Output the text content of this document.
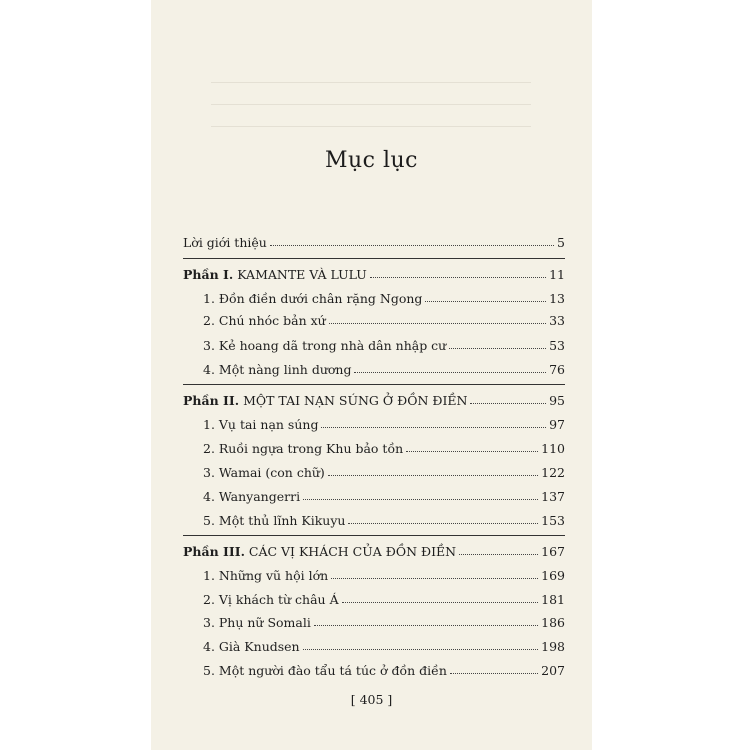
Mục lục
Lời giới thiệu	5
Phần I. KAMANTE VÀ LULU	11
1. Đồn điền dưới chân rặng Ngong	13
2. Chú nhóc bản xứ	33
3. Kẻ hoang dã trong nhà dân nhập cư	53
4. Một nàng linh dương	76
Phần II. MỘT TAI NẠN SÚNG Ở ĐỒN ĐIỀN	95
1. Vụ tai nạn súng	97
2. Ruồi ngựa trong Khu bảo tồn	110
3. Wamai (con chữ)	122
4. Wanyangerri	137
5. Một thủ lĩnh Kikuyu	153
Phần III. CÁC VỊ KHÁCH CỦA ĐỒN ĐIỀN	167
1. Những vũ hội lớn	169
2. Vị khách từ châu Á	181
3. Phụ nữ Somali	186
4. Già Knudsen	198
5. Một người đào tẩu tá túc ở đồn điền	207
[ 405 ]
